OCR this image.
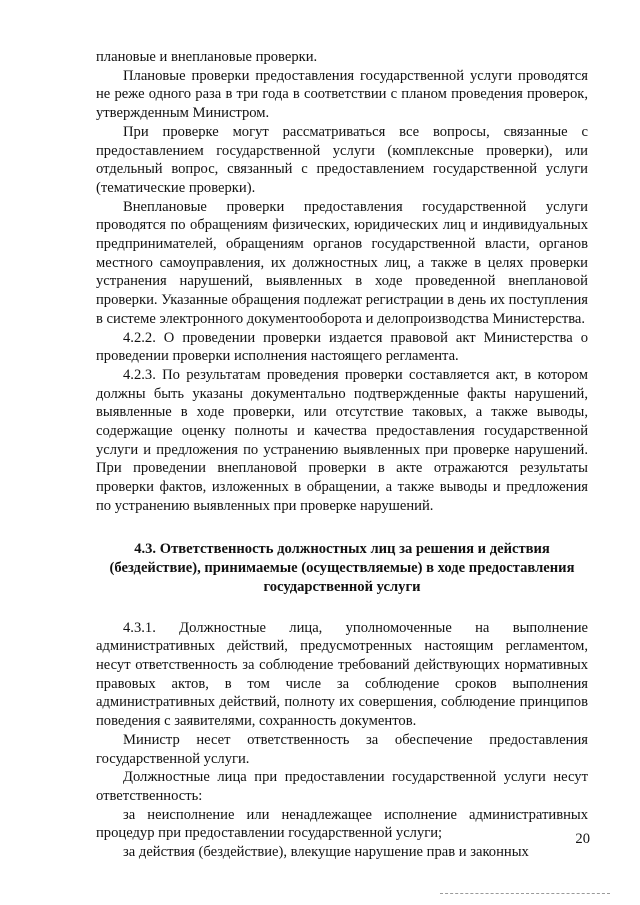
плановые и внеплановые проверки.

Плановые проверки предоставления государственной услуги проводятся не реже одного раза в три года в соответствии с планом проведения проверок, утвержденным Министром.

При проверке могут рассматриваться все вопросы, связанные с предоставлением государственной услуги (комплексные проверки), или отдельный вопрос, связанный с предоставлением государственной услуги (тематические проверки).

Внеплановые проверки предоставления государственной услуги проводятся по обращениям физических, юридических лиц и индивидуальных предпринимателей, обращениям органов государственной власти, органов местного самоуправления, их должностных лиц, а также в целях проверки устранения нарушений, выявленных в ходе проведенной внеплановой проверки. Указанные обращения подлежат регистрации в день их поступления в системе электронного документооборота и делопроизводства Министерства.

4.2.2. О проведении проверки издается правовой акт Министерства о проведении проверки исполнения настоящего регламента.

4.2.3. По результатам проведения проверки составляется акт, в котором должны быть указаны документально подтвержденные факты нарушений, выявленные в ходе проверки, или отсутствие таковых, а также выводы, содержащие оценку полноты и качества предоставления государственной услуги и предложения по устранению выявленных при проверке нарушений. При проведении внеплановой проверки в акте отражаются результаты проверки фактов, изложенных в обращении, а также выводы и предложения по устранению выявленных при проверке нарушений.

4.3. Ответственность должностных лиц за решения и действия (бездействие), принимаемые (осуществляемые) в ходе предоставления государственной услуги

4.3.1. Должностные лица, уполномоченные на выполнение административных действий, предусмотренных настоящим регламентом, несут ответственность за соблюдение требований действующих нормативных правовых актов, в том числе за соблюдение сроков выполнения административных действий, полноту их совершения, соблюдение принципов поведения с заявителями, сохранность документов.

Министр несет ответственность за обеспечение предоставления государственной услуги.

Должностные лица при предоставлении государственной услуги несут ответственность:

за неисполнение или ненадлежащее исполнение административных процедур при предоставлении государственной услуги;

за действия (бездействие), влекущие нарушение прав и законных

20
